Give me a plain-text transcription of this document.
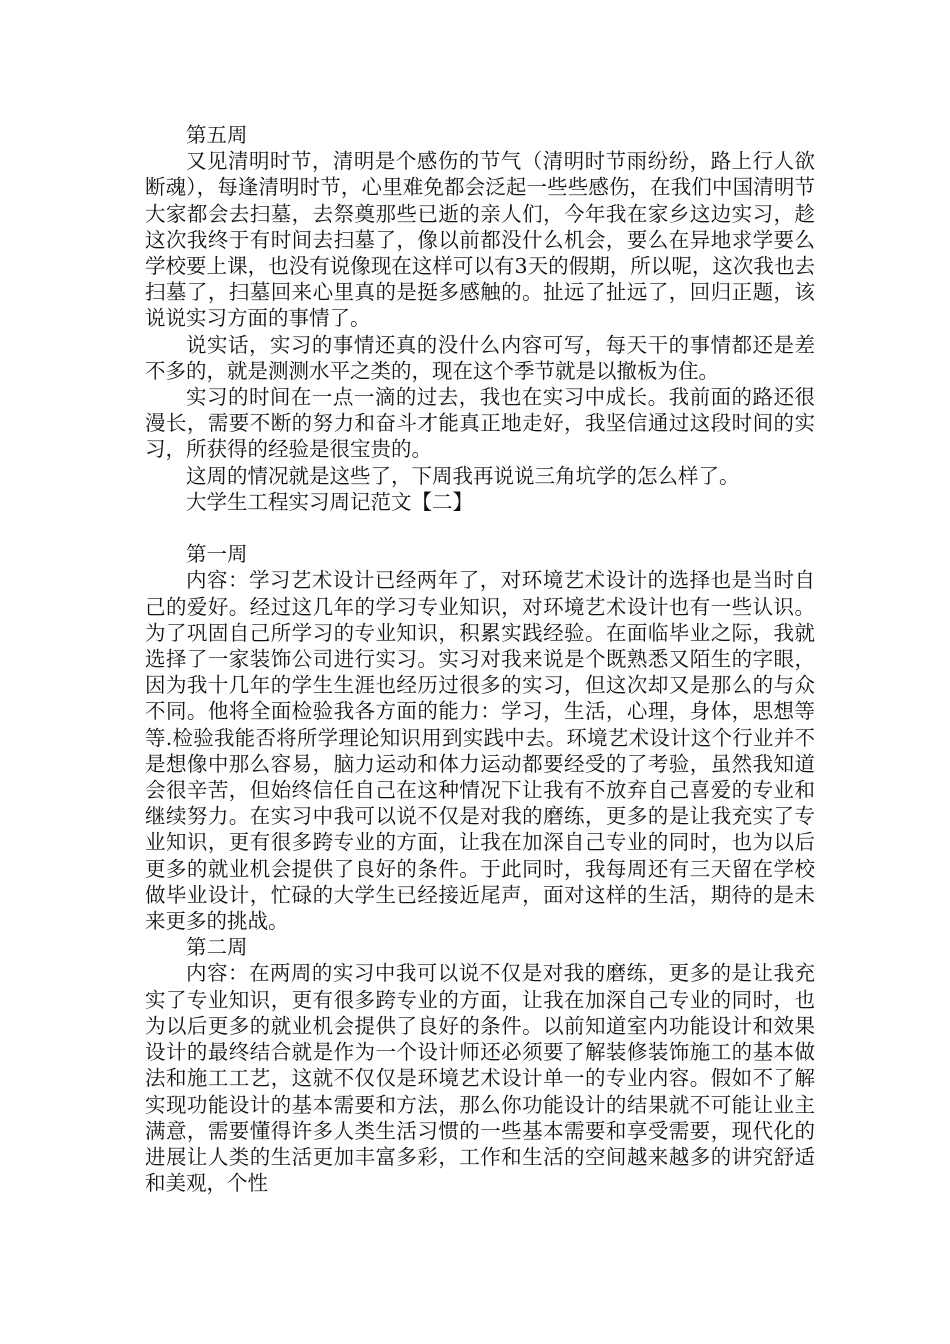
第五周

又见清明时节，清明是个感伤的节气（清明时节雨纷纷，路上行人欲断魂），每逢清明时节，心里难免都会泛起一些些感伤，在我们中国清明节大家都会去扫墓，去祭奠那些已逝的亲人们，今年我在家乡这边实习，趁这次我终于有时间去扫墓了，像以前都没什么机会，要么在异地求学要么学校要上课，也没有说像现在这样可以有3天的假期，所以呢，这次我也去扫墓了，扫墓回来心里真的是挺多感触的。扯远了扯远了，回归正题，该说说实习方面的事情了。

说实话，实习的事情还真的没什么内容可写，每天干的事情都还是差不多的，就是测测水平之类的，现在这个季节就是以撤板为住。

实习的时间在一点一滴的过去，我也在实习中成长。我前面的路还很漫长，需要不断的努力和奋斗才能真正地走好，我坚信通过这段时间的实习，所获得的经验是很宝贵的。

这周的情况就是这些了，下周我再说说三角坑学的怎么样了。

大学生工程实习周记范文【二】

第一周

内容：学习艺术设计已经两年了，对环境艺术设计的选择也是当时自己的爱好。经过这几年的学习专业知识，对环境艺术设计也有一些认识。为了巩固自己所学习的专业知识，积累实践经验。在面临毕业之际，我就选择了一家装饰公司进行实习。实习对我来说是个既熟悉又陌生的字眼，因为我十几年的学生生涯也经历过很多的实习，但这次却又是那么的与众不同。他将全面检验我各方面的能力：学习，生活，心理，身体，思想等等.检验我能否将所学理论知识用到实践中去。环境艺术设计这个行业并不是想像中那么容易，脑力运动和体力运动都要经受的了考验，虽然我知道会很辛苦，但始终信任自己在这种情况下让我有不放弃自己喜爱的专业和继续努力。在实习中我可以说不仅是对我的磨练，更多的是让我充实了专业知识，更有很多跨专业的方面，让我在加深自己专业的同时，也为以后更多的就业机会提供了良好的条件。于此同时，我每周还有三天留在学校做毕业设计，忙碌的大学生已经接近尾声，面对这样的生活，期待的是未来更多的挑战。

第二周

内容：在两周的实习中我可以说不仅是对我的磨练，更多的是让我充实了专业知识，更有很多跨专业的方面，让我在加深自己专业的同时，也为以后更多的就业机会提供了良好的条件。以前知道室内功能设计和效果设计的最终结合就是作为一个设计师还必须要了解装修装饰施工的基本做法和施工工艺，这就不仅仅是环境艺术设计单一的专业内容。假如不了解实现功能设计的基本需要和方法，那么你功能设计的结果就不可能让业主满意，需要懂得许多人类生活习惯的一些基本需要和享受需要，现代化的进展让人类的生活更加丰富多彩，工作和生活的空间越来越多的讲究舒适和美观，个性
